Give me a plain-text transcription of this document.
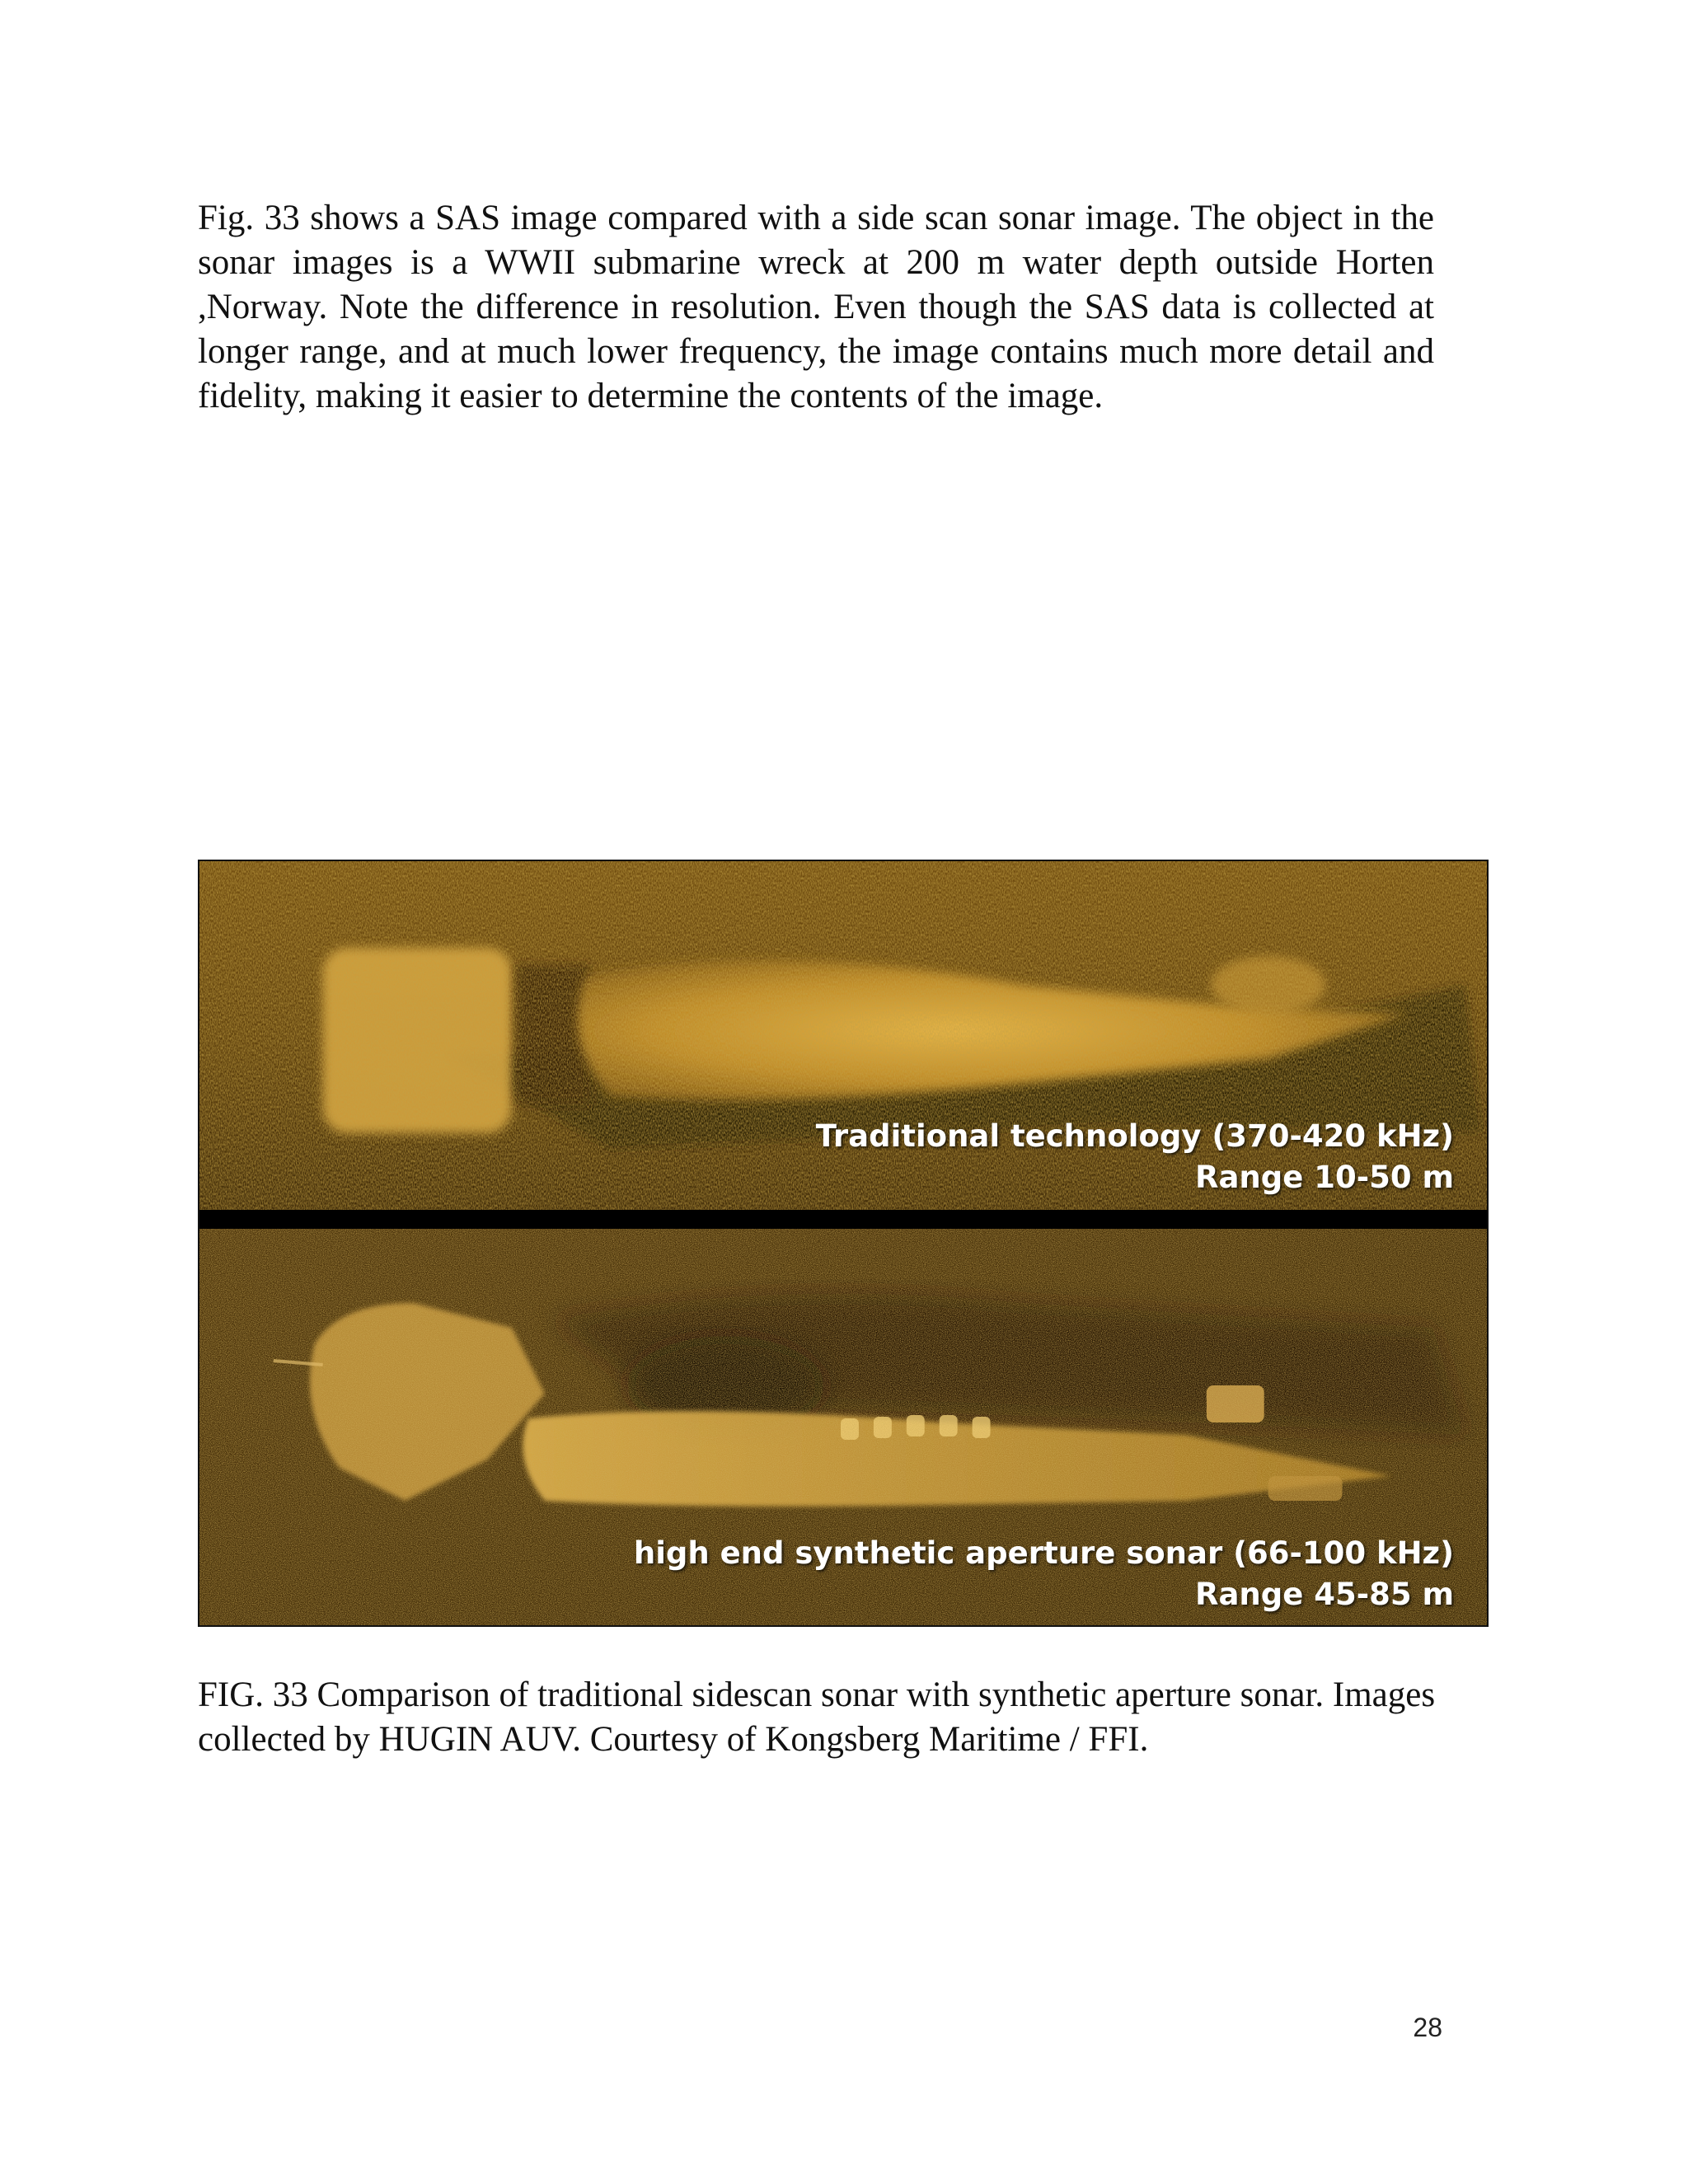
Fig. 33 shows a SAS image compared with a side scan sonar image. The object in the sonar images is a WWII submarine wreck at 200 m water depth outside Horten ,Norway. Note the difference in resolution. Even though the SAS data is collected at longer range, and at much lower frequency, the image contains much more detail and fidelity, making it easier to determine the contents of the image.

Traditional technology (370-420 kHz)
Range 10-50 m
high end synthetic aperture sonar (66-100 kHz)
Range 45-85 m

FIG. 33 Comparison of traditional sidescan sonar with synthetic aperture sonar. Images collected by HUGIN AUV. Courtesy of Kongsberg Maritime / FFI.

28
